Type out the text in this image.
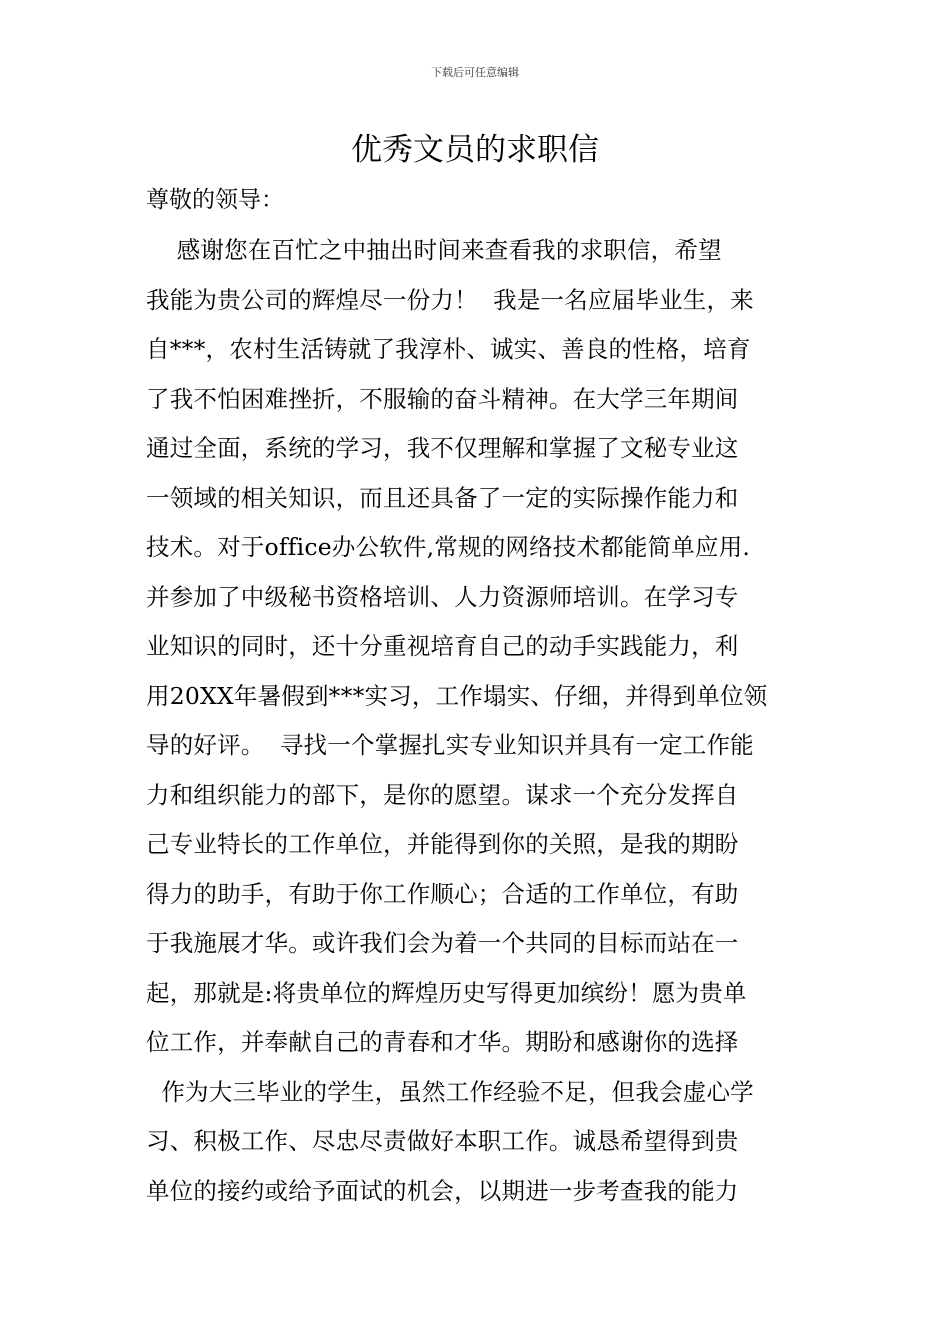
下载后可任意编辑
优秀文员的求职信

尊敬的领导：

感谢您在百忙之中抽出时间来查看我的求职信，希望
我能为贵公司的辉煌尽一份力！  我是一名应届毕业生，来
自***，农村生活铸就了我淳朴、诚实、善良的性格，培育
了我不怕困难挫折，不服输的奋斗精神。在大学三年期间
通过全面，系统的学习，我不仅理解和掌握了文秘专业这
一领域的相关知识，而且还具备了一定的实际操作能力和
技术。对于office办公软件,常规的网络技术都能简单应用.
并参加了中级秘书资格培训、人力资源师培训。在学习专
业知识的同时，还十分重视培育自己的动手实践能力，利
用20XX年暑假到***实习，工作塌实、仔细，并得到单位领
导的好评。  寻找一个掌握扎实专业知识并具有一定工作能
力和组织能力的部下，是你的愿望。谋求一个充分发挥自
己专业特长的工作单位，并能得到你的关照，是我的期盼
得力的助手，有助于你工作顺心；合适的工作单位，有助
于我施展才华。或许我们会为着一个共同的目标而站在一
起，那就是:将贵单位的辉煌历史写得更加缤纷！愿为贵单
位工作，并奉献自己的青春和才华。期盼和感谢你的选择
作为大三毕业的学生，虽然工作经验不足，但我会虚心学
习、积极工作、尽忠尽责做好本职工作。诚恳希望得到贵
单位的接约或给予面试的机会，以期进一步考查我的能力
